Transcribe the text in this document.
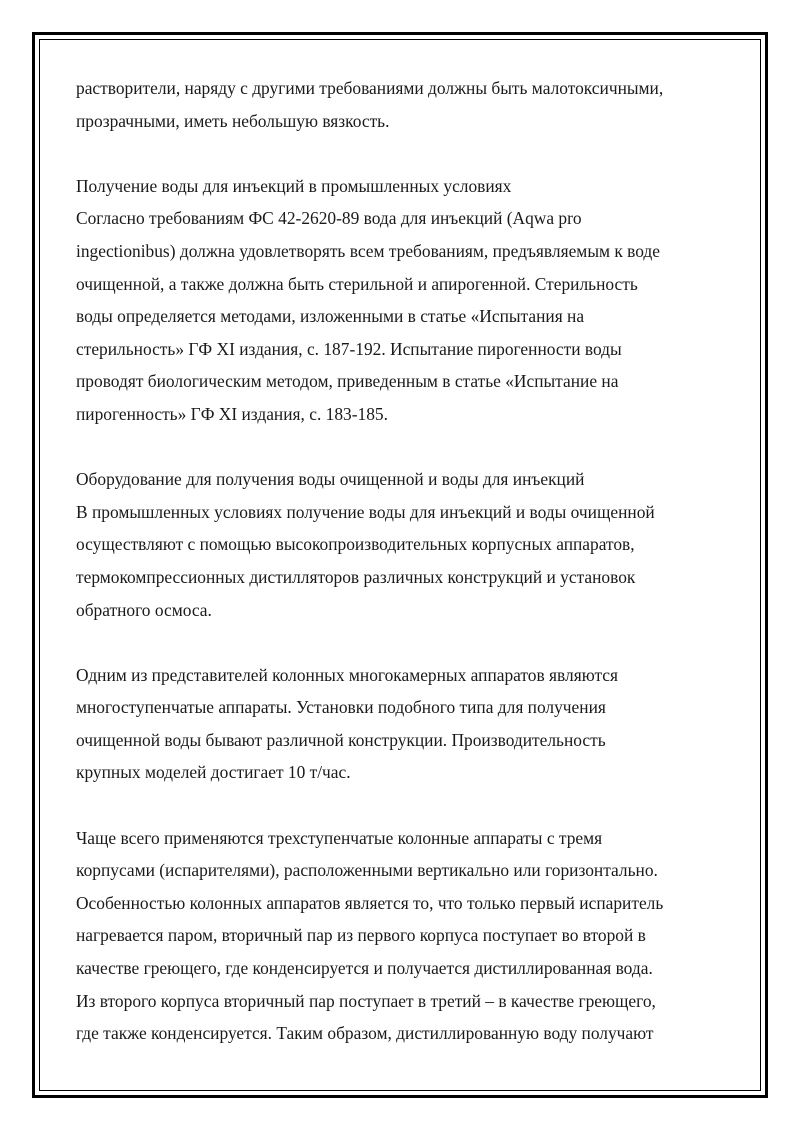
растворители, наряду с другими требованиями должны быть малотоксичными,
прозрачными, иметь небольшую вязкость.
Получение воды для инъекций в промышленных условиях
Согласно требованиям ФС 42-2620-89 вода для инъекций (Aqwa pro
ingectionibus) должна удовлетворять всем требованиям, предъявляемым к воде
очищенной, а также должна быть стерильной и апирогенной. Стерильность
воды определяется методами, изложенными в статье «Испытания на
стерильность» ГФ XI издания, с. 187-192. Испытание пирогенности воды
проводят биологическим методом, приведенным в статье «Испытание на
пирогенность» ГФ XI издания, с. 183-185.
Оборудование для получения воды очищенной и воды для инъекций
В промышленных условиях получение воды для инъекций и воды очищенной
осуществляют с помощью высокопроизводительных корпусных аппаратов,
термокомпрессионных дистилляторов различных конструкций и установок
обратного осмоса.
Одним из представителей колонных многокамерных аппаратов являются
многоступенчатые аппараты. Установки подобного типа для получения
очищенной воды бывают различной конструкции. Производительность
крупных моделей достигает 10 т/час.
Чаще всего применяются трехступенчатые колонные аппараты с тремя
корпусами (испарителями), расположенными вертикально или горизонтально.
Особенностью колонных аппаратов является то, что только первый испаритель
нагревается паром, вторичный пар из первого корпуса поступает во второй в
качестве греющего, где конденсируется и получается дистиллированная вода.
Из второго корпуса вторичный пар поступает в третий – в качестве греющего,
где также конденсируется. Таким образом, дистиллированную воду получают
